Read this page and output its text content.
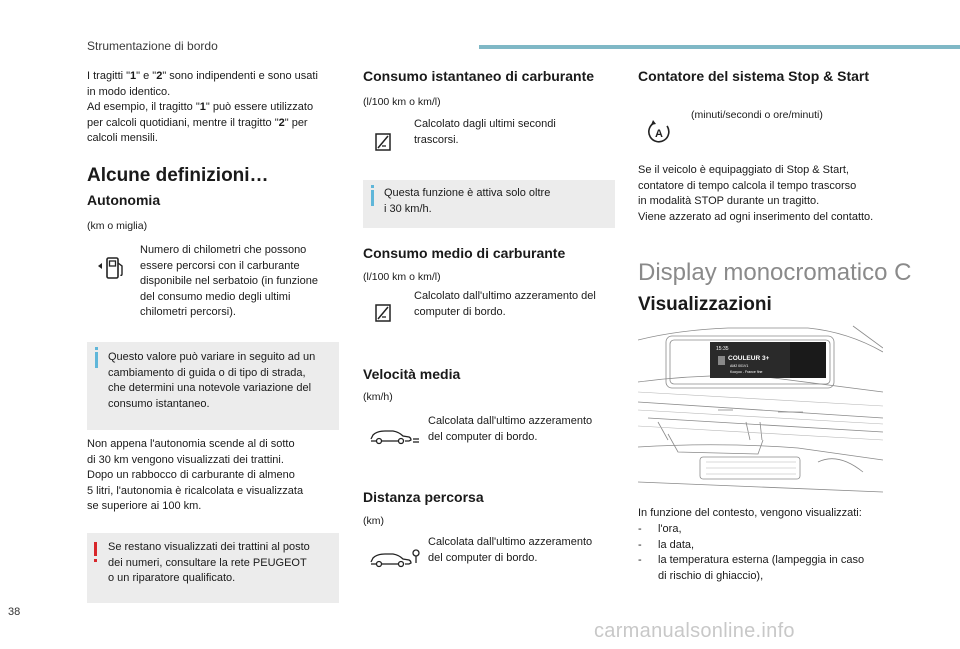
Strumentazione di bordo
I tragitti "1" e "2" sono indipendenti e sono usati
in modo identico.
Ad esempio, il tragitto "1" può essere utilizzato
per calcoli quotidiani, mentre il tragitto "2" per
calcoli mensili.
Alcune definizioni…
Autonomia
(km o miglia)
Numero di chilometri che possono
essere percorsi con il carburante
disponibile nel serbatoio (in funzione
del consumo medio degli ultimi
chilometri percorsi).
Questo valore può variare in seguito ad un
cambiamento di guida o di tipo di strada,
che determini una notevole variazione del
consumo istantaneo.
Non appena l'autonomia scende al di sotto
di 30 km vengono visualizzati dei trattini.
Dopo un rabbocco di carburante di almeno
5 litri, l'autonomia è ricalcolata e visualizzata
se superiore ai 100 km.
Se restano visualizzati dei trattini al posto
dei numeri, consultare la rete PEUGEOT
o un riparatore qualificato.
Consumo istantaneo di carburante
(l/100 km o km/l)
Calcolato dagli ultimi secondi
trascorsi.
Questa funzione è attiva solo oltre
i 30 km/h.
Consumo medio di carburante
(l/100 km o km/l)
Calcolato dall'ultimo azzeramento del
computer di bordo.
Velocità media
(km/h)
Calcolata dall'ultimo azzeramento
del computer di bordo.
Distanza percorsa
(km)
Calcolata dall'ultimo azzeramento
del computer di bordo.
Contatore del sistema Stop & Start
A
(minuti/secondi o ore/minuti)
Se il veicolo è equipaggiato di Stop & Start,
contatore di tempo calcola il tempo trascorso
in modalità STOP durante un tragitto.
Viene azzerato ad ogni inserimento del contatto.
Display monocromatico C
Visualizzazioni
15:35
COULEUR 3+
AM2 001V1
Kooyoo - France fine
In funzione del contesto, vengono visualizzati:
- l'ora,
- la data,
- la temperatura esterna (lampeggia in caso
di rischio di ghiaccio),
38
carmanualsonline.info
